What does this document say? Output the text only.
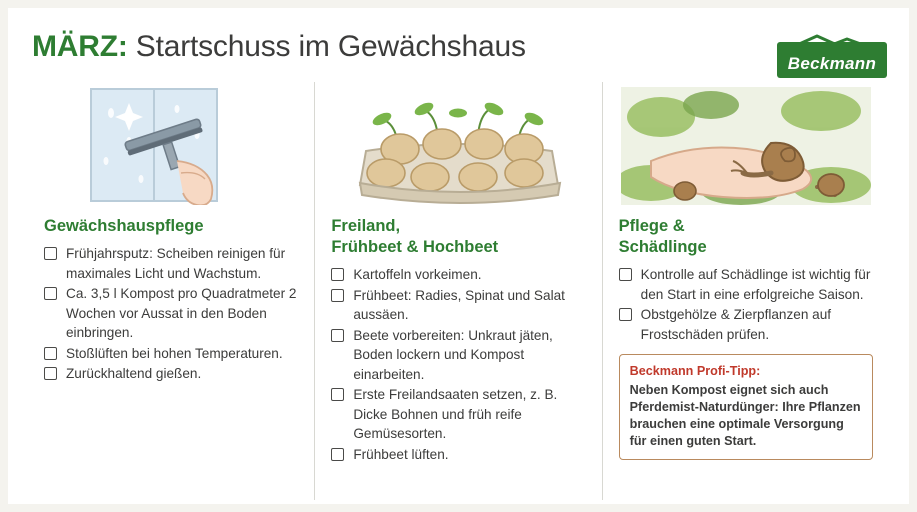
MÄRZ: Startschuss im Gewächshaus
Beckmann
Gewächshauspflege
Frühjahrsputz: Scheiben reinigen für maximales Licht und Wachstum.
Ca. 3,5 l Kompost pro Quadratmeter 2 Wochen vor Aussat in den Boden einbringen.
Stoßlüften bei hohen Temperaturen.
Zurückhaltend gießen.
Freiland,
Frühbeet & Hochbeet
Kartoffeln vorkeimen.
Frühbeet: Radies, Spinat und Salat aussäen.
Beete vorbereiten: Unkraut jäten, Boden lockern und Kompost einarbeiten.
Erste Freilandsaaten setzen, z. B. Dicke Bohnen und früh reife Gemüsesorten.
Frühbeet lüften.
Pflege &
Schädlinge
Kontrolle auf Schädlinge ist wichtig für den Start in eine erfolgreiche Saison.
Obstgehölze & Zierpflanzen auf Frostschäden prüfen.
Beckmann Profi-Tipp:
Neben Kompost eignet sich auch Pferdemist-Naturdünger: Ihre Pflanzen brauchen eine optimale Versorgung für einen guten Start.
